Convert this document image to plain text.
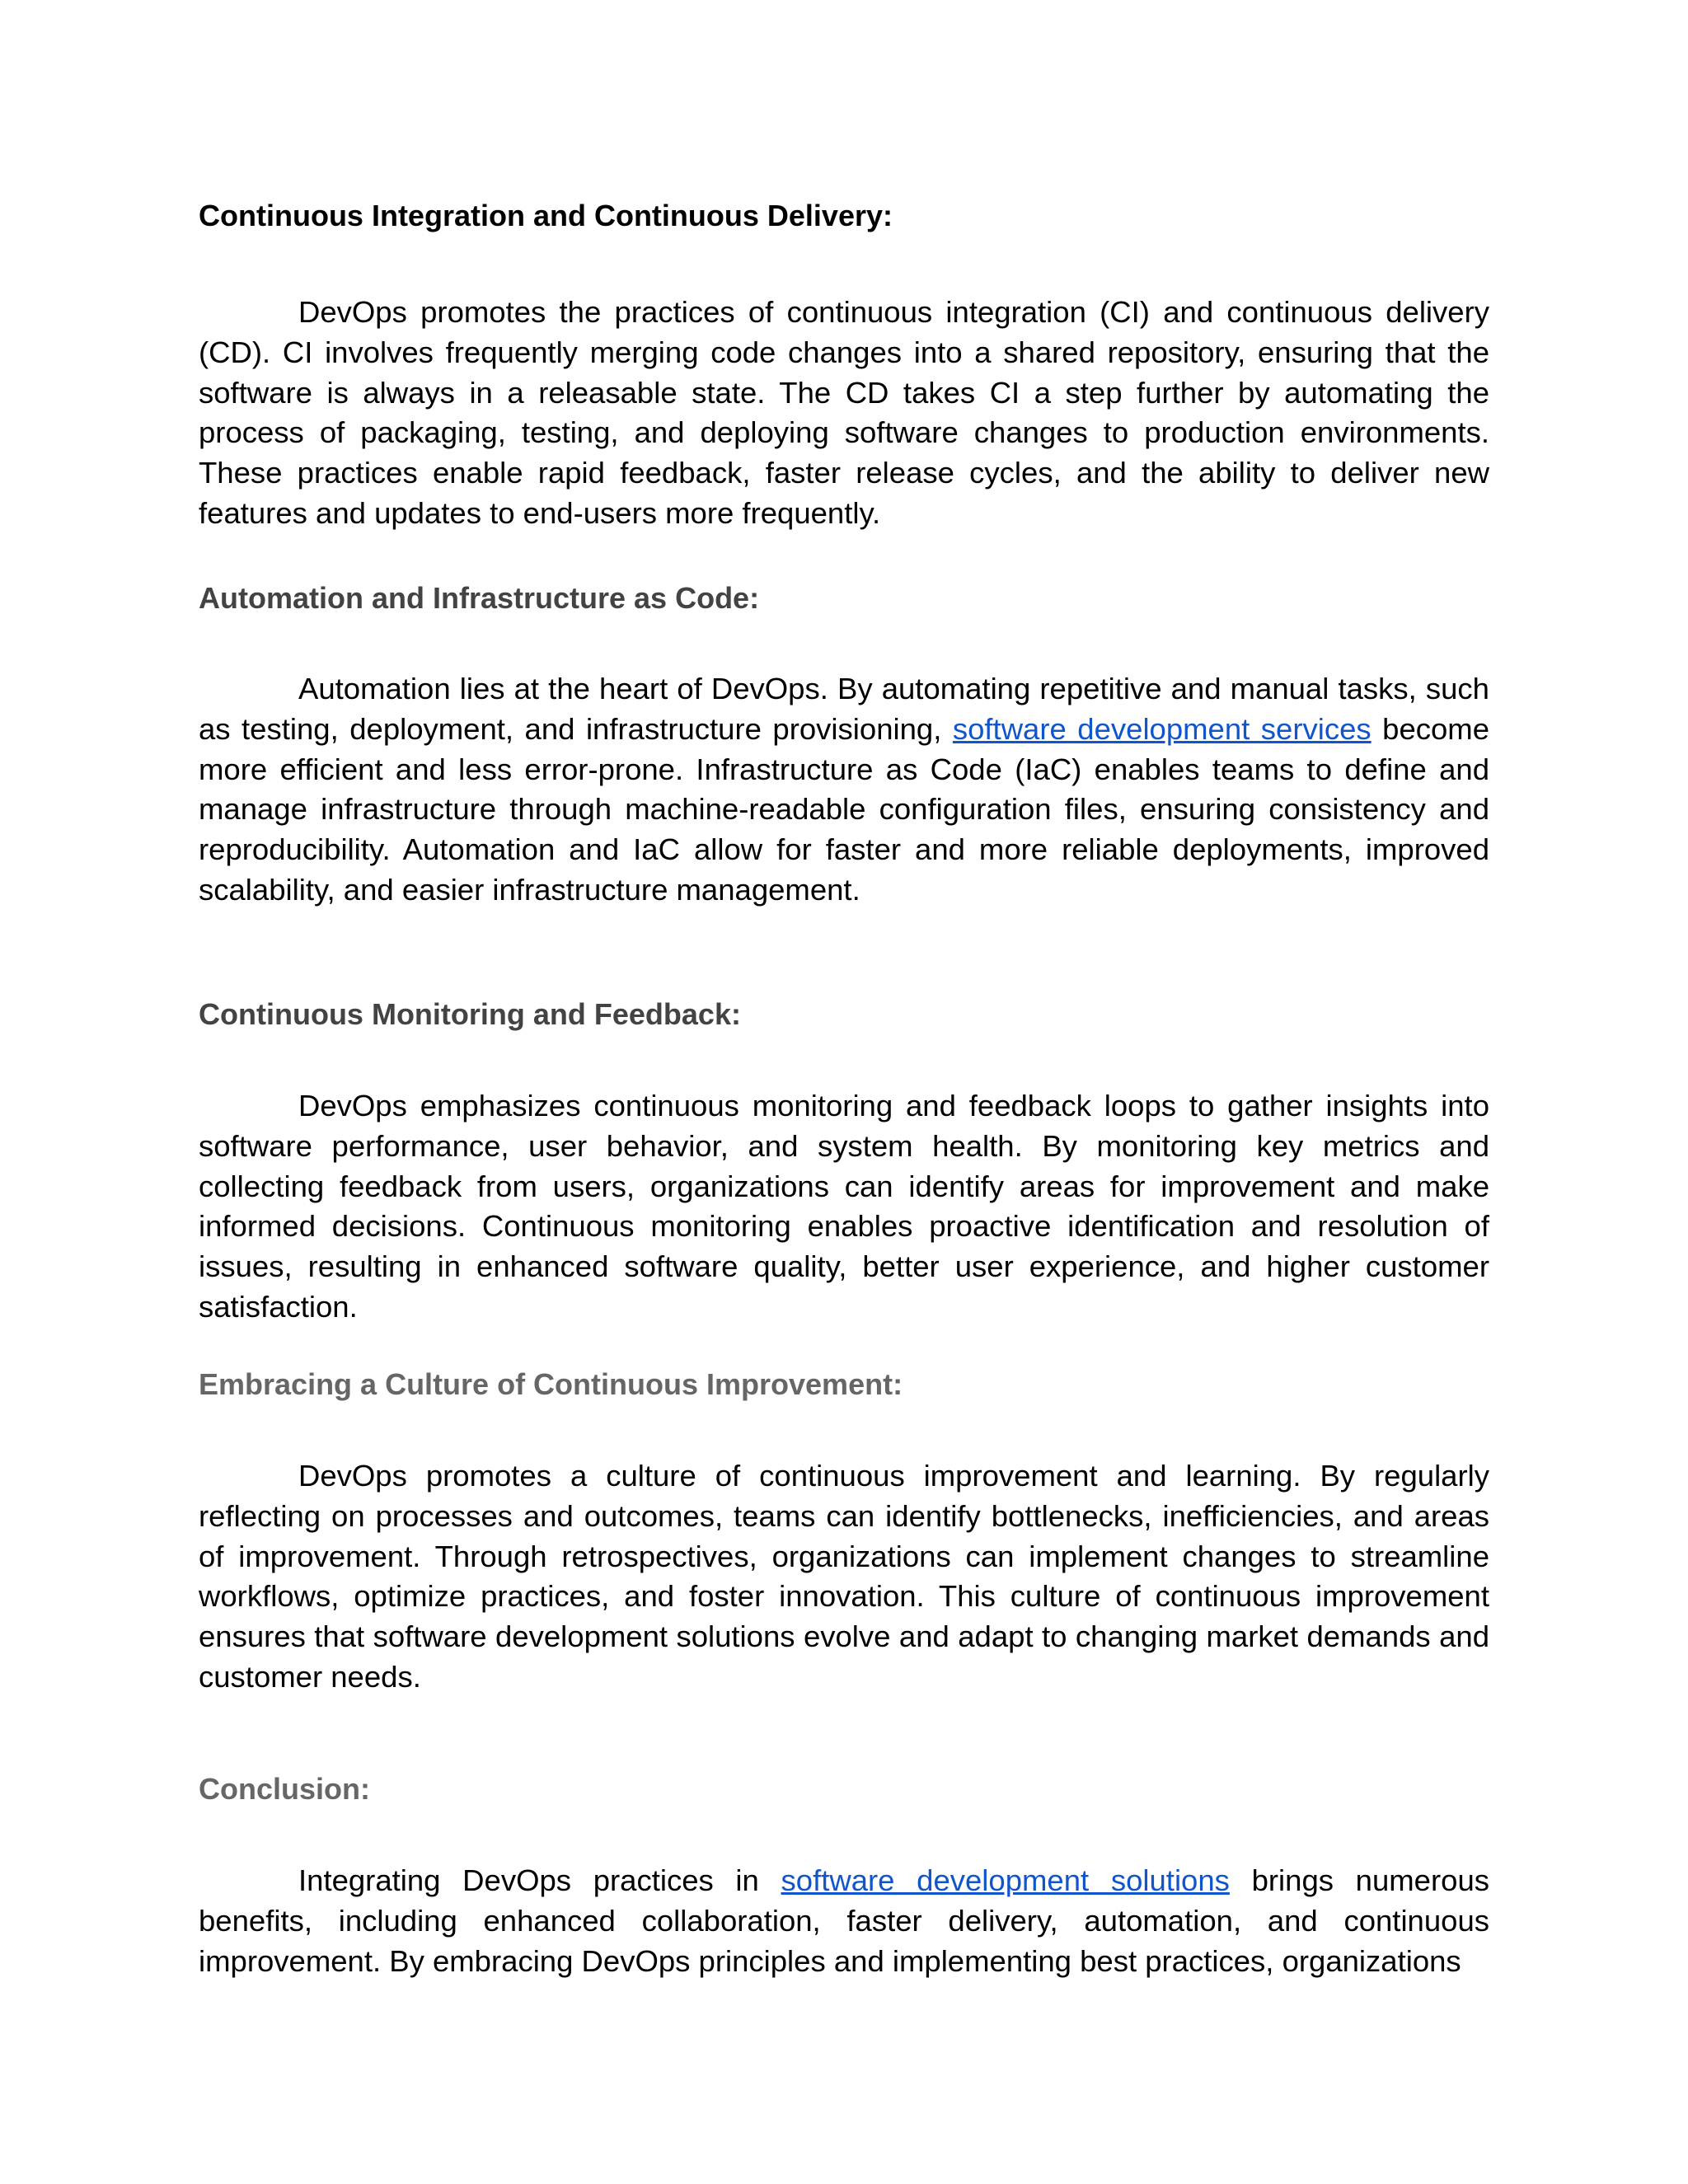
Continuous Integration and Continuous Delivery:

DevOps promotes the practices of continuous integration (CI) and continuous delivery (CD). CI involves frequently merging code changes into a shared repository, ensuring that the software is always in a releasable state. The CD takes CI a step further by automating the process of packaging, testing, and deploying software changes to production environments. These practices enable rapid feedback, faster release cycles, and the ability to deliver new features and updates to end-users more frequently.

Automation and Infrastructure as Code:

Automation lies at the heart of DevOps. By automating repetitive and manual tasks, such as testing, deployment, and infrastructure provisioning, software development services become more efficient and less error-prone. Infrastructure as Code (IaC) enables teams to define and manage infrastructure through machine-readable configuration files, ensuring consistency and reproducibility. Automation and IaC allow for faster and more reliable deployments, improved scalability, and easier infrastructure management.

Continuous Monitoring and Feedback:

DevOps emphasizes continuous monitoring and feedback loops to gather insights into software performance, user behavior, and system health. By monitoring key metrics and collecting feedback from users, organizations can identify areas for improvement and make informed decisions. Continuous monitoring enables proactive identification and resolution of issues, resulting in enhanced software quality, better user experience, and higher customer satisfaction.

Embracing a Culture of Continuous Improvement:

DevOps promotes a culture of continuous improvement and learning. By regularly reflecting on processes and outcomes, teams can identify bottlenecks, inefficiencies, and areas of improvement. Through retrospectives, organizations can implement changes to streamline workflows, optimize practices, and foster innovation. This culture of continuous improvement ensures that software development solutions evolve and adapt to changing market demands and customer needs.

Conclusion:

Integrating DevOps practices in software development solutions brings numerous benefits, including enhanced collaboration, faster delivery, automation, and continuous improvement. By embracing DevOps principles and implementing best practices, organizations
